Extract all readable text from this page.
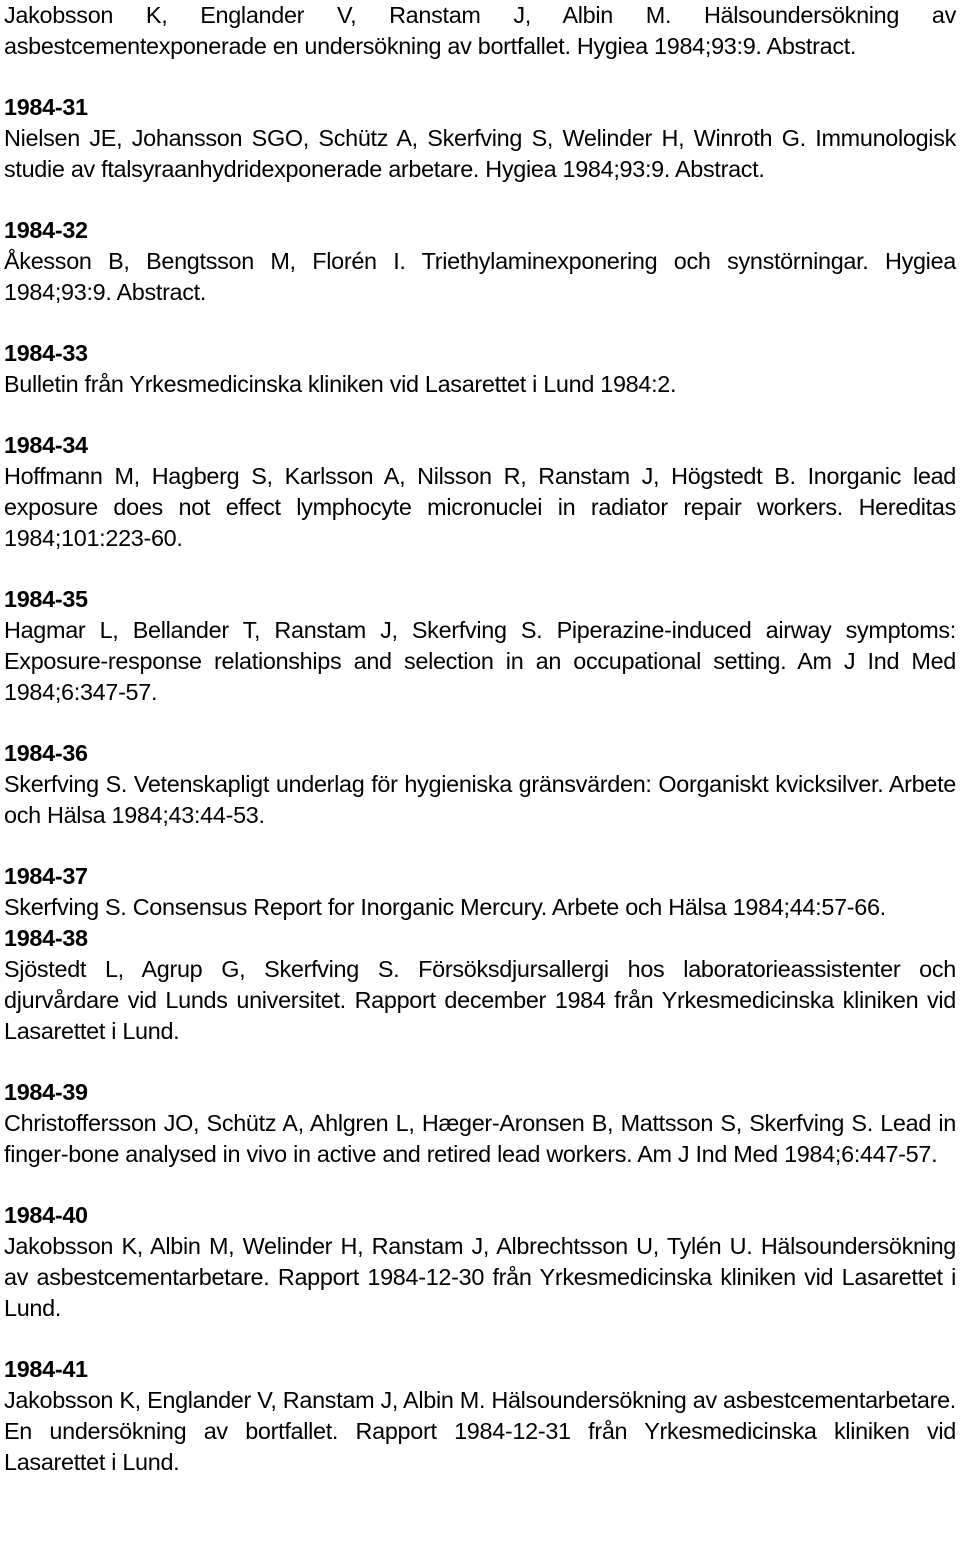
Jakobsson K, Englander V, Ranstam J, Albin M. Hälsoundersökning av asbestcementexponerade en undersökning av bortfallet. Hygiea 1984;93:9. Abstract.
1984-31
Nielsen JE, Johansson SGO, Schütz A, Skerfving S, Welinder H, Winroth G. Immunologisk studie av ftalsyraanhydridexponerade arbetare. Hygiea 1984;93:9. Abstract.
1984-32
Åkesson B, Bengtsson M, Florén I. Triethylaminexponering och synstörningar. Hygiea 1984;93:9. Abstract.
1984-33
Bulletin från Yrkesmedicinska kliniken vid Lasarettet i Lund 1984:2.
1984-34
Hoffmann M, Hagberg S, Karlsson A, Nilsson R, Ranstam J, Högstedt B. Inorganic lead exposure does not effect lymphocyte micronuclei in radiator repair workers. Hereditas 1984;101:223-60.
1984-35
Hagmar L, Bellander T, Ranstam J, Skerfving S. Piperazine-induced airway symptoms: Exposure-response relationships and selection in an occupational setting. Am J Ind Med 1984;6:347-57.
1984-36
Skerfving S. Vetenskapligt underlag för hygieniska gränsvärden: Oorganiskt kvicksilver. Arbete och Hälsa 1984;43:44-53.
1984-37
Skerfving S. Consensus Report for Inorganic Mercury. Arbete och Hälsa 1984;44:57-66.
1984-38
Sjöstedt L, Agrup G, Skerfving S. Försöksdjursallergi hos laboratorieassistenter och djurvårdare vid Lunds universitet. Rapport december 1984 från Yrkesmedicinska kliniken vid Lasarettet i Lund.
1984-39
Christoffersson JO, Schütz A, Ahlgren L, Hæger-Aronsen B, Mattsson S, Skerfving S. Lead in finger-bone analysed in vivo in active and retired lead workers. Am J Ind Med 1984;6:447-57.
1984-40
Jakobsson K, Albin M, Welinder H, Ranstam J, Albrechtsson U, Tylén U. Hälsoundersökning av asbestcementarbetare. Rapport 1984-12-30 från Yrkesmedicinska kliniken vid Lasarettet i Lund.
1984-41
Jakobsson K, Englander V, Ranstam J, Albin M. Hälsoundersökning av asbestcementarbetare. En undersökning av bortfallet. Rapport 1984-12-31 från Yrkesmedicinska kliniken vid Lasarettet i Lund.
